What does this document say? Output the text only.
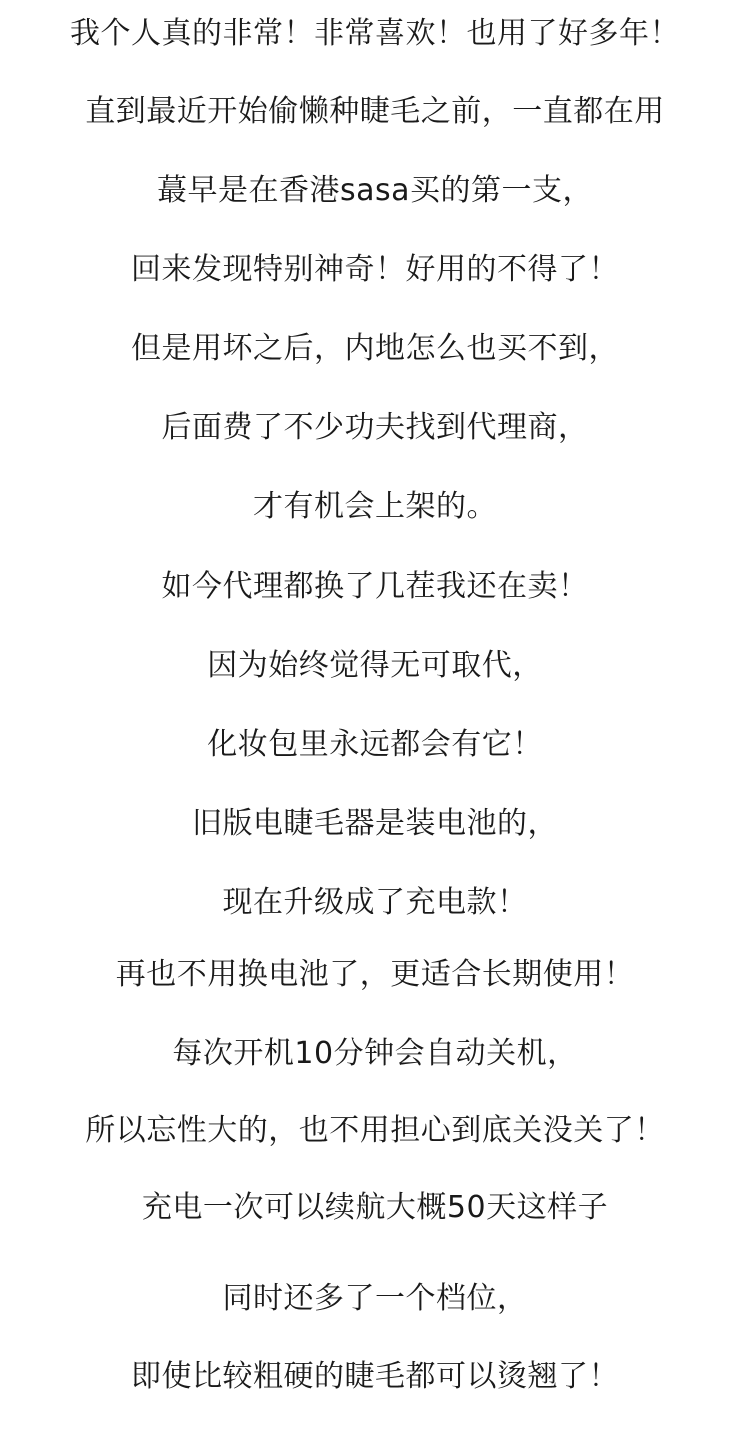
我个人真的非常！非常喜欢！也用了好多年！
直到最近开始偷懒种睫毛之前，一直都在用
蕞早是在香港sasa买的第一支，
回来发现特别神奇！好用的不得了！
但是用坏之后，内地怎么也买不到，
后面费了不少功夫找到代理商，
才有机会上架的。
如今代理都换了几茬我还在卖！
因为始终觉得无可取代，
化妆包里永远都会有它！
旧版电睫毛器是装电池的，
现在升级成了充电款！
再也不用换电池了，更适合长期使用！
每次开机10分钟会自动关机，
所以忘性大的，也不用担心到底关没关了！
充电一次可以续航大概50天这样子
同时还多了一个档位，
即使比较粗硬的睫毛都可以烫翘了！
